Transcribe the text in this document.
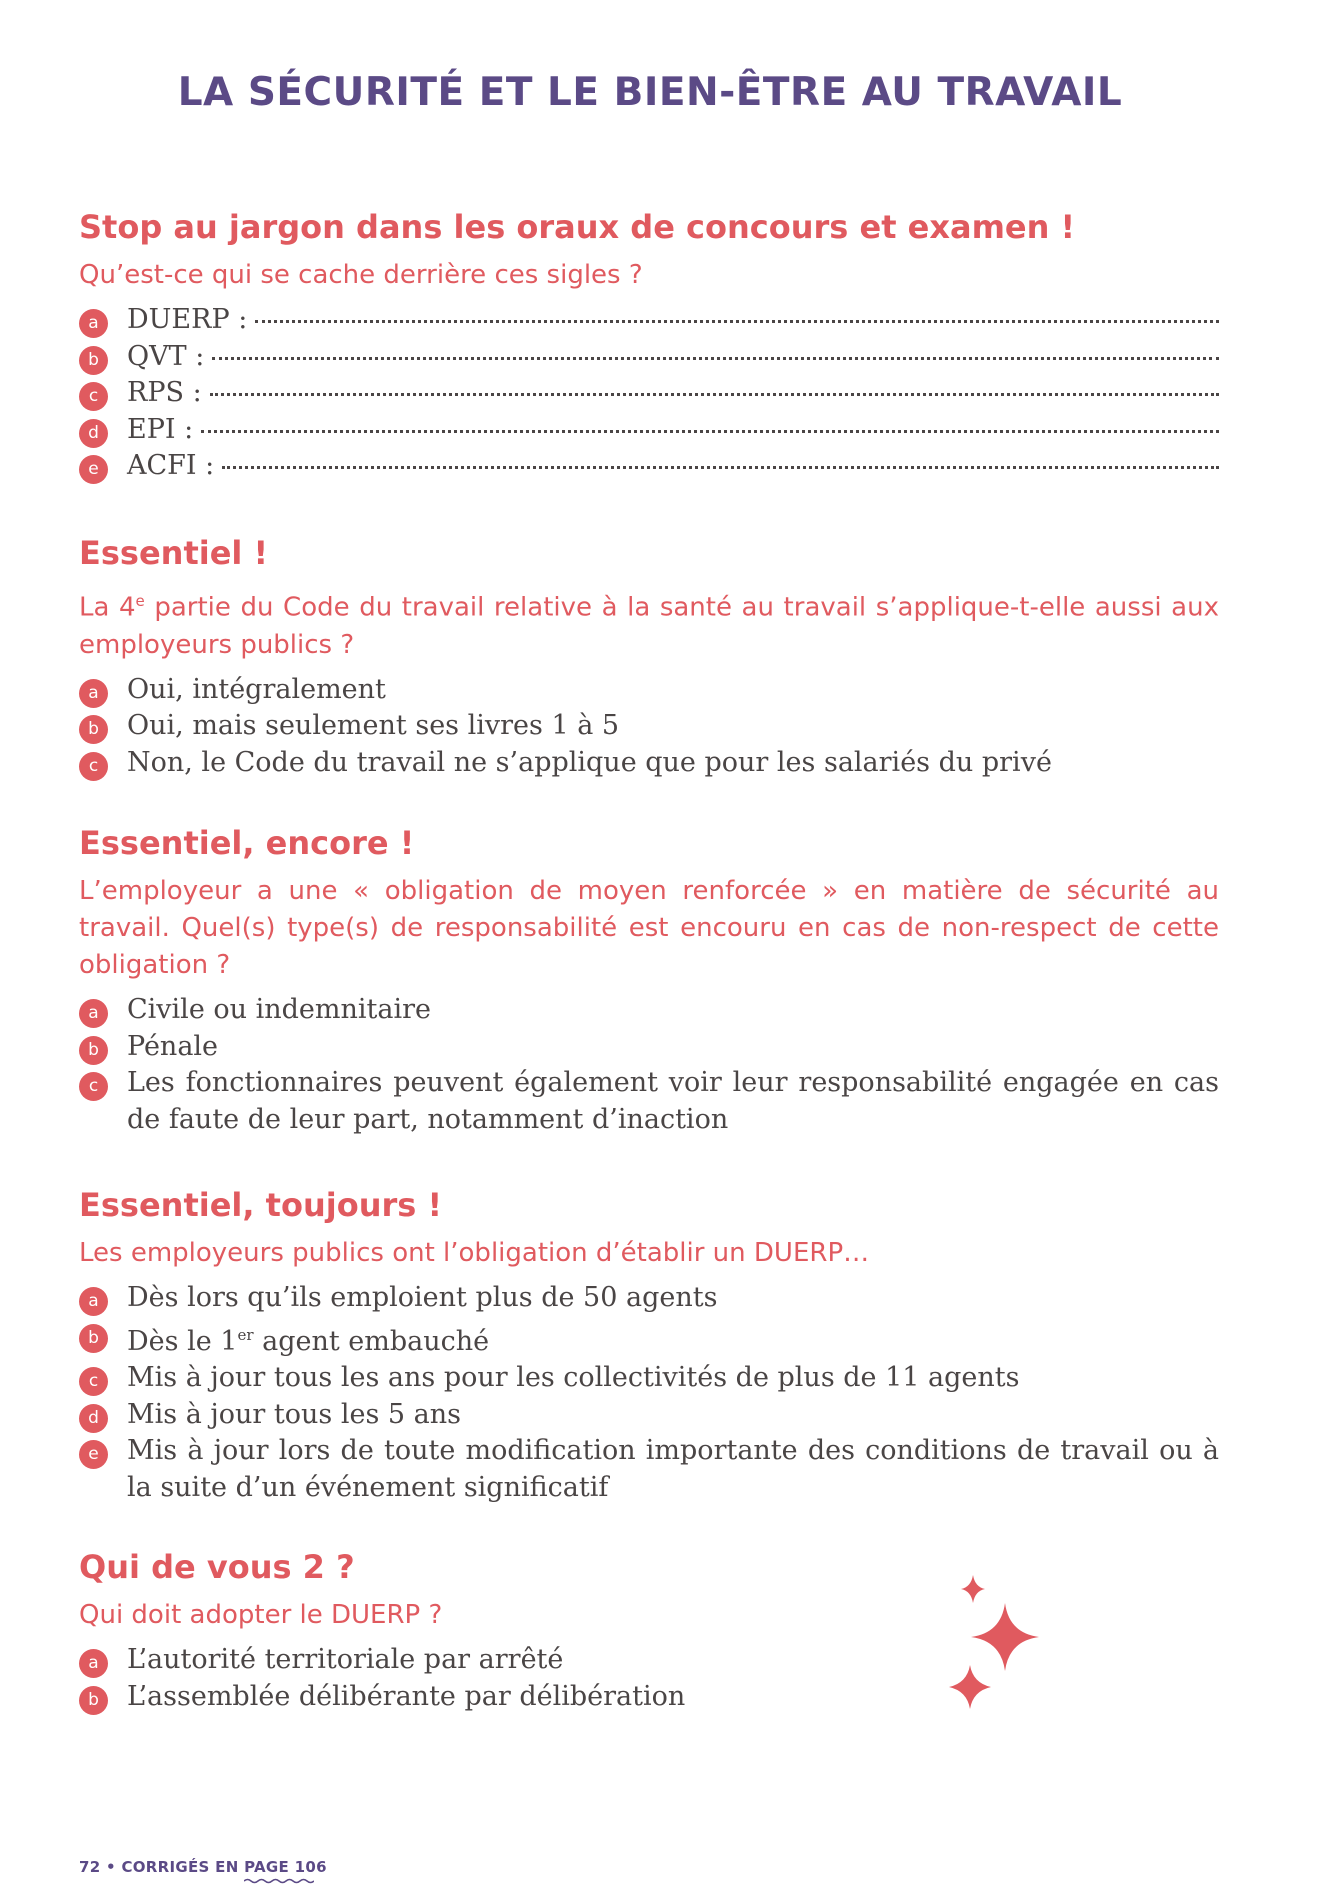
LA SÉCURITÉ ET LE BIEN-ÊTRE AU TRAVAIL
Stop au jargon dans les oraux de concours et examen !
Qu’est-ce qui se cache derrière ces sigles ?
a	DUERP :
b	QVT :
c	RPS :
d	EPI :
e	ACFI :
Essentiel !
La 4e partie du Code du travail relative à la santé au travail s’applique-t-elle aussi aux employeurs publics ?
a	Oui, intégralement
b	Oui, mais seulement ses livres 1 à 5
c	Non, le Code du travail ne s’applique que pour les salariés du privé
Essentiel, encore !
L’employeur a une « obligation de moyen renforcée » en matière de sécurité au travail. Quel(s) type(s) de responsabilité est encouru en cas de non-respect de cette obligation ?
a	Civile ou indemnitaire
b	Pénale
c	Les fonctionnaires peuvent également voir leur responsabilité engagée en cas de faute de leur part, notamment d’inaction
Essentiel, toujours !
Les employeurs publics ont l’obligation d’établir un DUERP…
a	Dès lors qu’ils emploient plus de 50 agents
b	Dès le 1er agent embauché
c	Mis à jour tous les ans pour les collectivités de plus de 11 agents
d	Mis à jour tous les 5 ans
e	Mis à jour lors de toute modification importante des conditions de travail ou à la suite d’un événement significatif
Qui de vous 2 ?
Qui doit adopter le DUERP ?
a	L’autorité territoriale par arrêté
b	L’assemblée délibérante par délibération
72 • CORRIGÉS EN PAGE 106
